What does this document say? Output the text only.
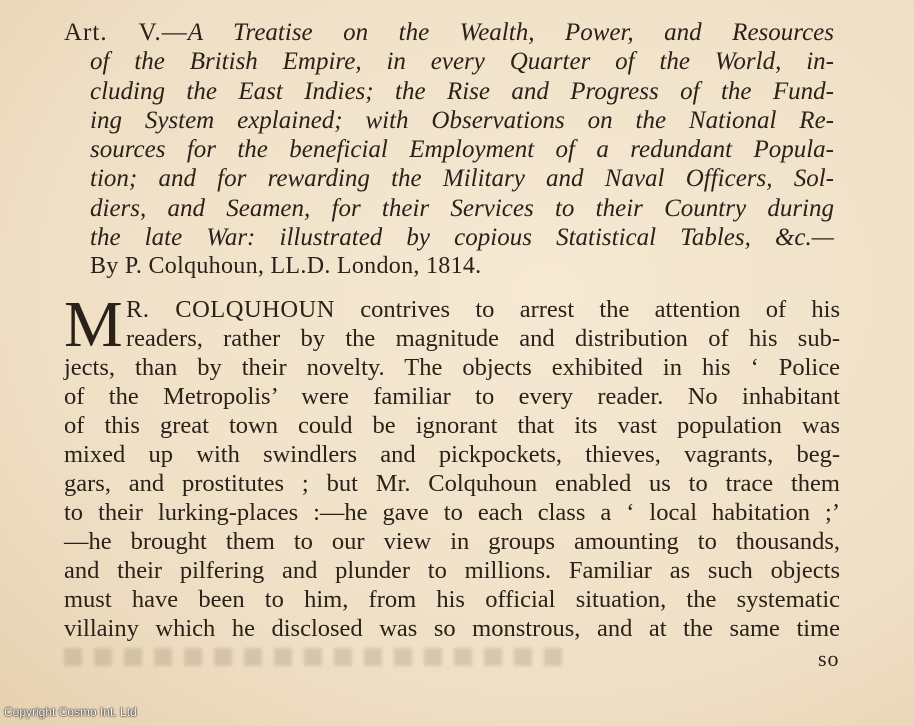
Art. V.—A Treatise on the Wealth, Power, and Resources
of the British Empire, in every Quarter of the World, in-
cluding the East Indies; the Rise and Progress of the Fund-
ing System explained; with Observations on the National Re-
sources for the beneficial Employment of a redundant Popula-
tion; and for rewarding the Military and Naval Officers, Sol-
diers, and Seamen, for their Services to their Country during
the late War: illustrated by copious Statistical Tables, &c.—
By P. Colquhoun, LL.D. London, 1814.
M R. COLQUHOUN contrives to arrest the attention of his
readers, rather by the magnitude and distribution of his sub-
jects, than by their novelty. The objects exhibited in his ‘ Police
of the Metropolis’ were familiar to every reader. No inhabitant
of this great town could be ignorant that its vast population was
mixed up with swindlers and pickpockets, thieves, vagrants, beg-
gars, and prostitutes ; but Mr. Colquhoun enabled us to trace them
to their lurking-places :—he gave to each class a ‘ local habitation ;’
—he brought them to our view in groups amounting to thousands,
and their pilfering and plunder to millions. Familiar as such objects
must have been to him, from his official situation, the systematic
villainy which he disclosed was so monstrous, and at the same time
so
Copyright Cosmo Int. Ltd
